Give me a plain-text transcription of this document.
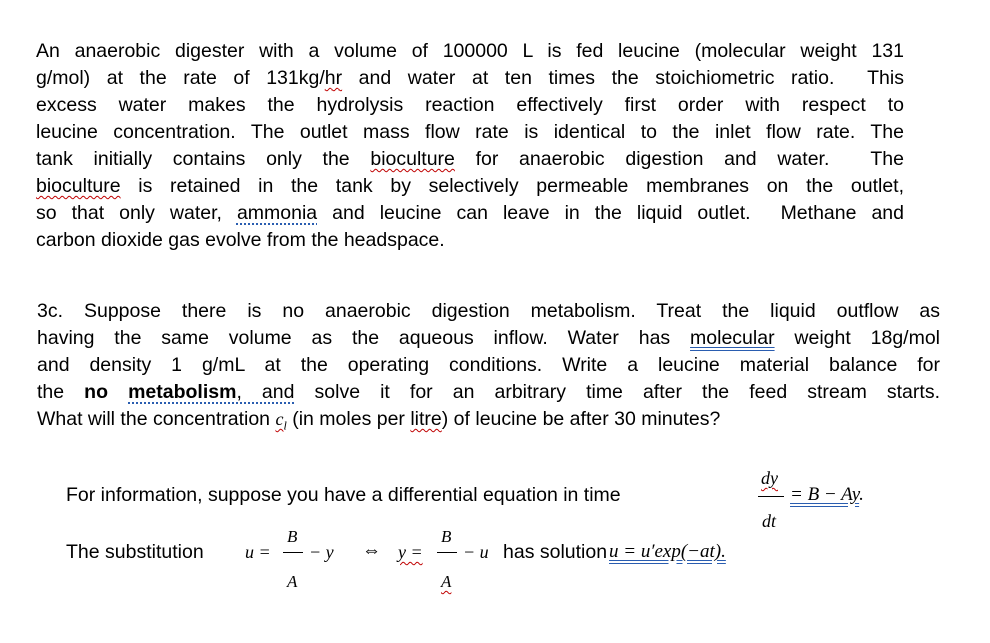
An anaerobic digester with a volume of 100000 L is fed leucine (molecular weight 131
g/mol) at the rate of 131kg/hr and water at ten times the stoichiometric ratio.  This
excess water makes the hydrolysis reaction effectively first order with respect to
leucine concentration. The outlet mass flow rate is identical to the inlet flow rate. The
tank initially contains only the bioculture for anaerobic digestion and water.  The
bioculture is retained in the tank by selectively permeable membranes on the outlet,
so that only water, ammonia and leucine can leave in the liquid outlet.  Methane and
carbon dioxide gas evolve from the headspace.
3c. Suppose there is no anaerobic digestion metabolism. Treat the liquid outflow as
having the same volume as the aqueous inflow. Water has molecular weight 18g/mol
and density 1 g/mL at the operating conditions. Write a leucine material balance for
the no metabolism, and solve it for an arbitrary time after the feed stream starts.
What will the concentration $c_l$ (in moles per litre) of leucine be after 30 minutes?
For information, suppose you have a differential equation in time
dy
dt
= B − Ay.
The substitution u =
B
A
− y ⇔ y =
B
A
− u has solution u = u′exp(−at).
